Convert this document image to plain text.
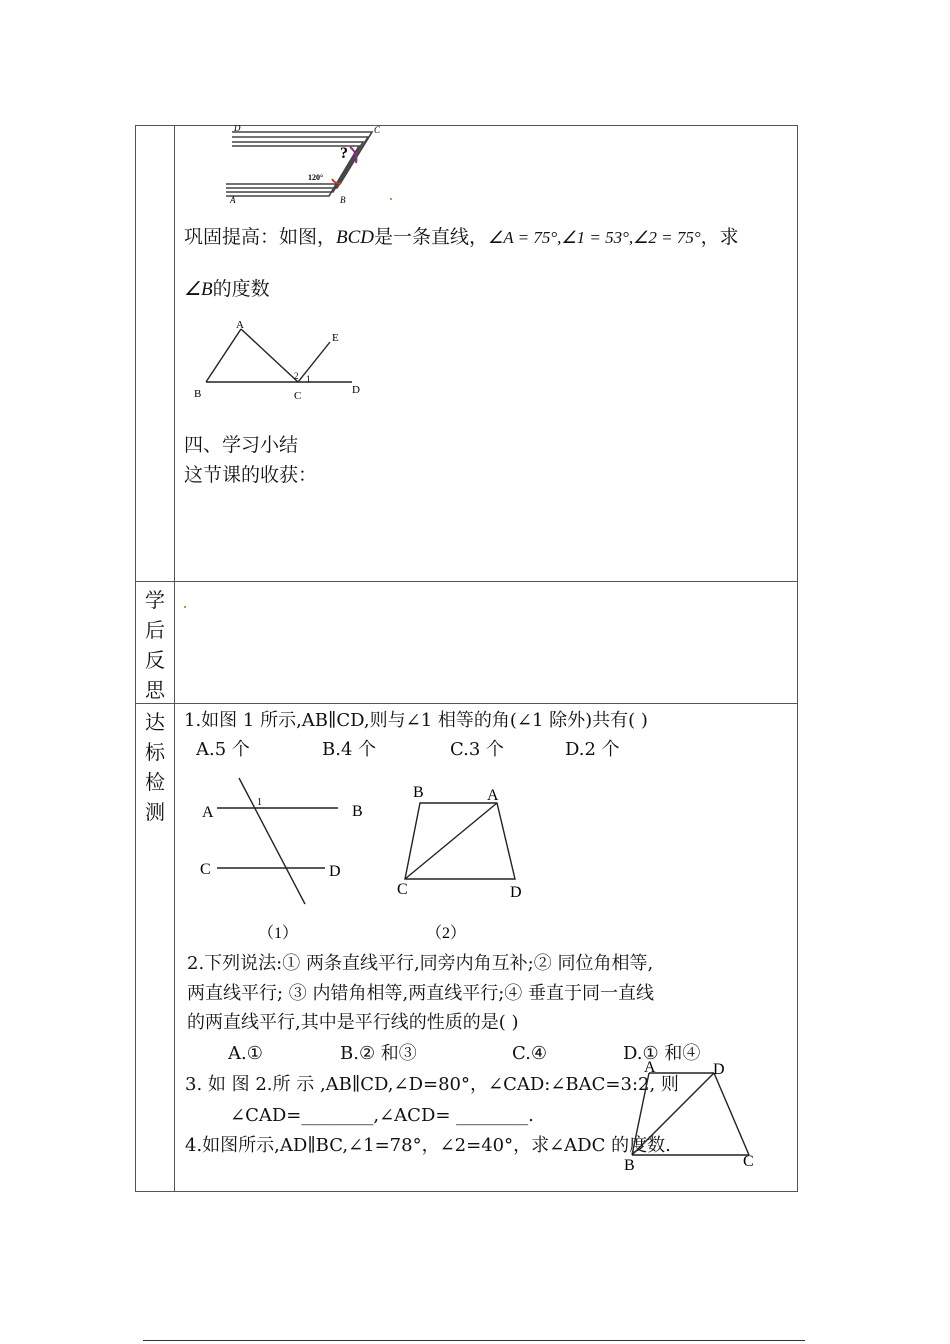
D	C
?
120°
A	B
巩固提高：如图，BCD是一条直线，∠A = 75°,∠1 = 53°,∠2 = 75°，求
∠B的度数
A
E
B	C	D
2 1
四、学习小结
这节课的收获：
学
后
反
思
达
标
检
测
1.如图 1 所示,AB∥CD,则与∠1 相等的角(∠1 除外)共有( )
A.5 个	B.4 个	C.3 个	D.2 个
A	B
C	D
1
（1）
B	A
C	D
（2）
2.下列说法:① 两条直线平行,同旁内角互补;② 同位角相等,
两直线平行; ③ 内错角相等,两直线平行;④ 垂直于同一直线
的两直线平行,其中是平行线的性质的是( )
A.①	B.② 和③	C.④	D.① 和④
3. 如 图 2.所 示 ,AB∥CD,∠D=80°，∠CAD:∠BAC=3:2, 则
∠CAD=________,∠ACD= ________.
4.如图所示,AD∥BC,∠1=78°，∠2=40°，求∠ADC 的度数.
A	D
B	C
